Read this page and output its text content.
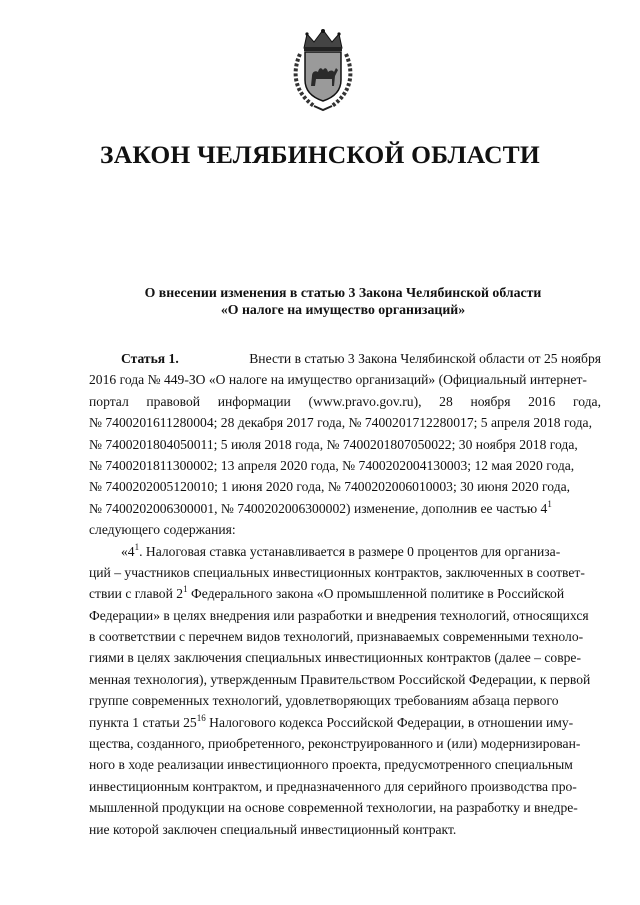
ЗАКОН ЧЕЛЯБИНСКОЙ ОБЛАСТИ
О внесении изменения в статью 3 Закона Челябинской области
«О налоге на имущество организаций»
Статья 1.	Внести в статью 3 Закона Челябинской области от 25 ноября
2016 года № 449-ЗО «О налоге на имущество организаций» (Официальный интернет-
портал правовой информации (www.pravo.gov.ru), 28 ноября 2016 года,
№ 7400201611280004; 28 декабря 2017 года, № 7400201712280017; 5 апреля 2018 года,
№ 7400201804050011; 5 июля 2018 года, № 7400201807050022; 30 ноября 2018 года,
№ 7400201811300002; 13 апреля 2020 года, № 7400202004130003; 12 мая 2020 года,
№ 7400202005120010; 1 июня 2020 года, № 7400202006010003; 30 июня 2020 года,
№ 7400202006300001, № 7400202006300002) изменение, дополнив ее частью $4^1$
следующего содержания:
«$4^1$. Налоговая ставка устанавливается в размере 0 процентов для организа-
ций – участников специальных инвестиционных контрактов, заключенных в соответ-
ствии с главой $2^1$ Федерального закона «О промышленной политике в Российской
Федерации» в целях внедрения или разработки и внедрения технологий, относящихся
в соответствии с перечнем видов технологий, признаваемых современными техноло-
гиями в целях заключения специальных инвестиционных контрактов (далее – совре-
менная технология), утвержденным Правительством Российской Федерации, к первой
группе современных технологий, удовлетворяющих требованиям абзаца первого
пункта 1 статьи $25^{16}$ Налогового кодекса Российской Федерации, в отношении иму-
щества, созданного, приобретенного, реконструированного и (или) модернизирован-
ного в ходе реализации инвестиционного проекта, предусмотренного специальным
инвестиционным контрактом, и предназначенного для серийного производства про-
мышленной продукции на основе современной технологии, на разработку и внедре-
ние которой заключен специальный инвестиционный контракт.
